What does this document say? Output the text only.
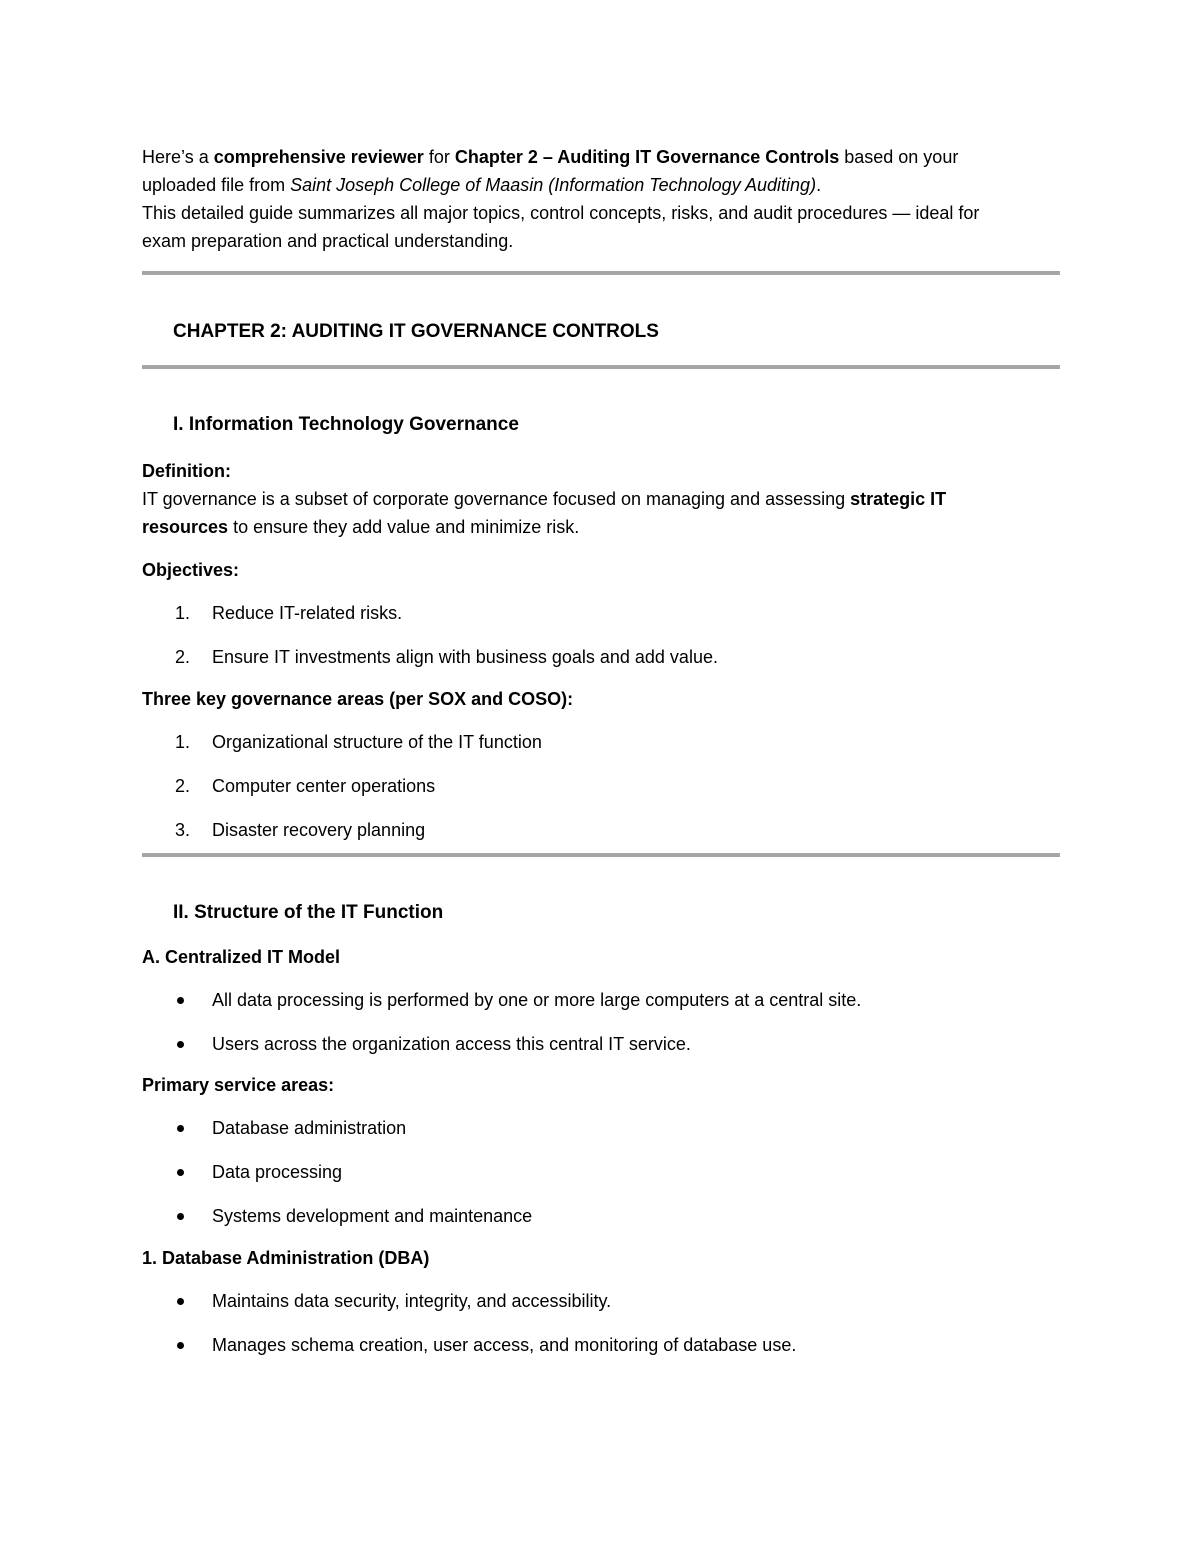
Here’s a comprehensive reviewer for Chapter 2 – Auditing IT Governance Controls based on your

uploaded file from Saint Joseph College of Maasin (Information Technology Auditing).

This detailed guide summarizes all major topics, control concepts, risks, and audit procedures — ideal for

exam preparation and practical understanding.

CHAPTER 2: AUDITING IT GOVERNANCE CONTROLS
I. Information Technology Governance

Definition:

IT governance is a subset of corporate governance focused on managing and assessing strategic IT
resources to ensure they add value and minimize risk.

Objectives:

1.	Reduce IT-related risks.
2.	Ensure IT investments align with business goals and add value.

Three key governance areas (per SOX and COSO):

1.	Organizational structure of the IT function
2.	Computer center operations
3.	Disaster recovery planning
II. Structure of the IT Function

A. Centralized IT Model

All data processing is performed by one or more large computers at a central site.
Users across the organization access this central IT service.

Primary service areas:

Database administration
Data processing
Systems development and maintenance

1. Database Administration (DBA)

Maintains data security, integrity, and accessibility.
Manages schema creation, user access, and monitoring of database use.
